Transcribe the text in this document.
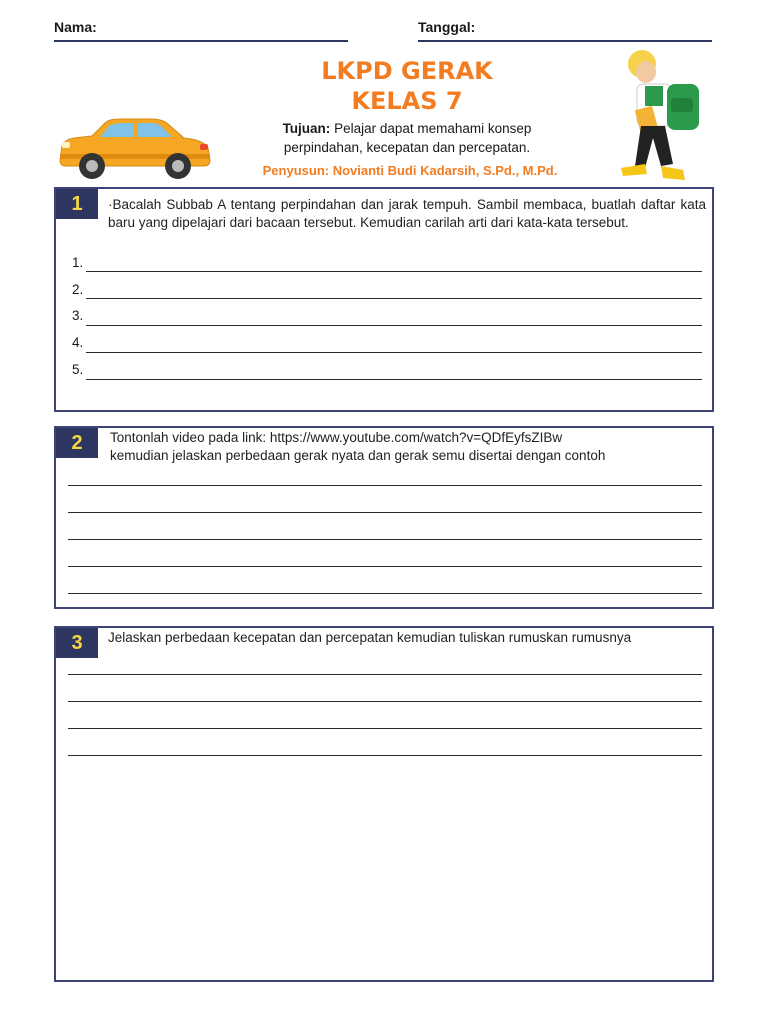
Nama:	Tanggal:
LKPD GERAK
KELAS 7
Tujuan: Pelajar dapat memahami konsep
perpindahan, kecepatan dan percepatan.
Penyusun: Novianti Budi Kadarsih, S.Pd., M.Pd.
1	·Bacalah Subbab A tentang perpindahan dan jarak tempuh. Sambil membaca, buatlah daftar kata baru yang dipelajari dari bacaan tersebut. Kemudian carilah arti dari kata-kata tersebut.
1.
2.
3.
4.
5.
2	Tontonlah video pada link: https://www.youtube.com/watch?v=QDfEyfsZIBw
kemudian jelaskan perbedaan gerak nyata dan gerak semu disertai dengan contoh
3	Jelaskan perbedaan kecepatan dan percepatan kemudian tuliskan rumuskan rumusnya
